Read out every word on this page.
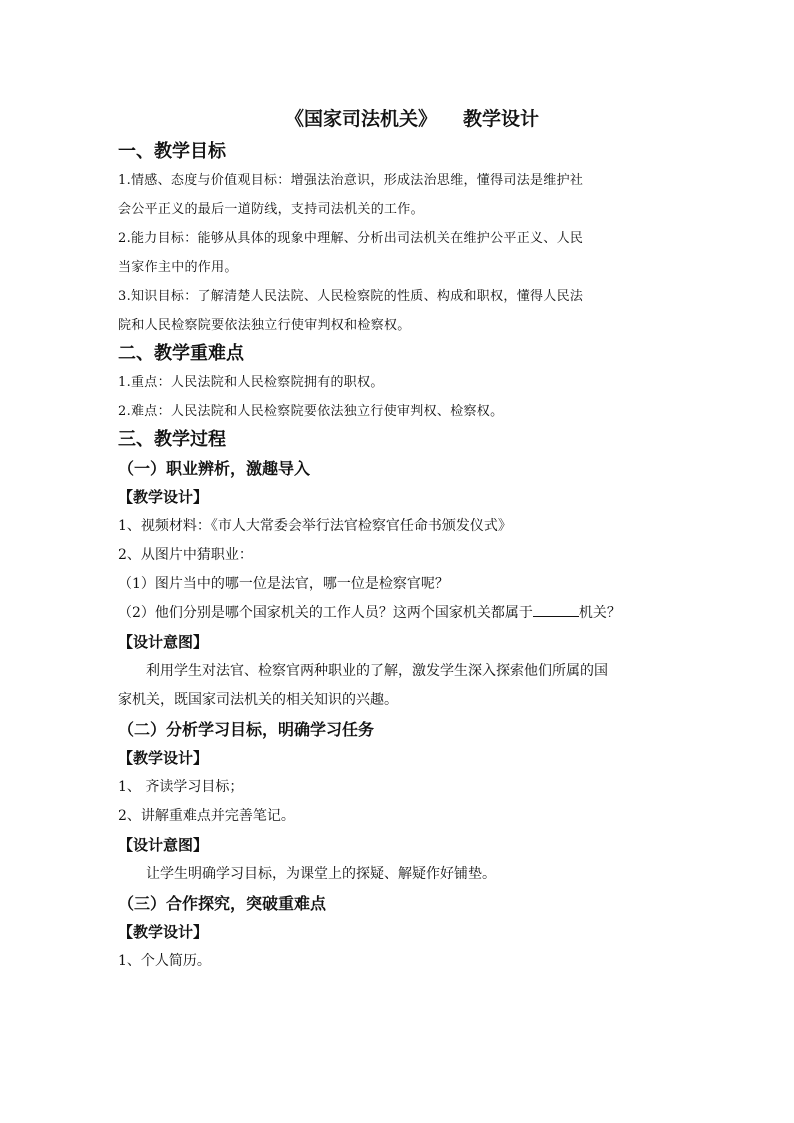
《国家司法机关》 教学设计
一、教学目标
1.情感、态度与价值观目标：增强法治意识，形成法治思维，懂得司法是维护社
会公平正义的最后一道防线，支持司法机关的工作。
2.能力目标：能够从具体的现象中理解、分析出司法机关在维护公平正义、人民
当家作主中的作用。
3.知识目标：了解清楚人民法院、人民检察院的性质、构成和职权，懂得人民法
院和人民检察院要依法独立行使审判权和检察权。
二、教学重难点
1.重点：人民法院和人民检察院拥有的职权。
2.难点：人民法院和人民检察院要依法独立行使审判权、检察权。
三、教学过程
（一）职业辨析，激趣导入
【教学设计】
1、视频材料：《市人大常委会举行法官检察官任命书颁发仪式》
2、从图片中猜职业：
（1）图片当中的哪一位是法官，哪一位是检察官呢？
（2）他们分别是哪个国家机关的工作人员？这两个国家机关都属于	机关？
【设计意图】
利用学生对法官、检察官两种职业的了解，激发学生深入探索他们所属的国
家机关，既国家司法机关的相关知识的兴趣。
（二）分析学习目标，明确学习任务
【教学设计】
1、 齐读学习目标；
2、讲解重难点并完善笔记。
【设计意图】
让学生明确学习目标，为课堂上的探疑、解疑作好铺垫。
（三）合作探究，突破重难点
【教学设计】
1、个人简历。
